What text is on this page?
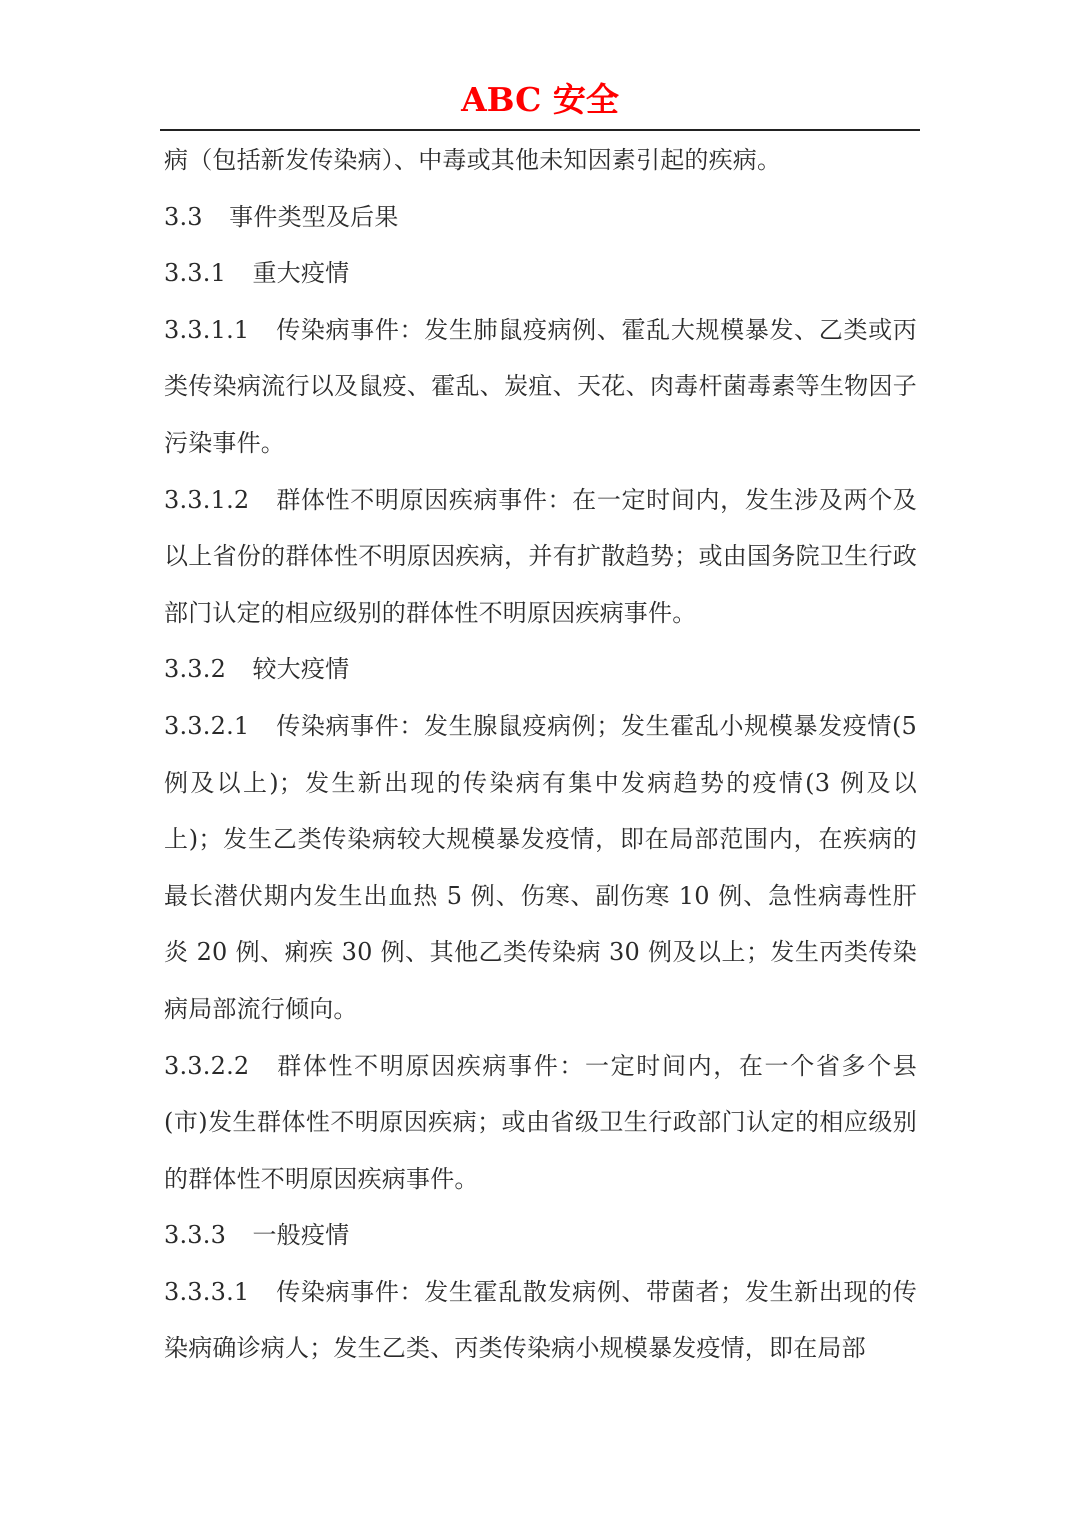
ABC 安全

病（包括新发传染病）、中毒或其他未知因素引起的疾病。

3.3 事件类型及后果

3.3.1 重大疫情

3.3.1.1 传染病事件：发生肺鼠疫病例、霍乱大规模暴发、乙类或丙类传染病流行以及鼠疫、霍乱、炭疽、天花、肉毒杆菌毒素等生物因子污染事件。

3.3.1.2 群体性不明原因疾病事件：在一定时间内，发生涉及两个及以上省份的群体性不明原因疾病，并有扩散趋势；或由国务院卫生行政部门认定的相应级别的群体性不明原因疾病事件。

3.3.2 较大疫情

3.3.2.1 传染病事件：发生腺鼠疫病例；发生霍乱小规模暴发疫情(5 例及以上)；发生新出现的传染病有集中发病趋势的疫情(3 例及以上)；发生乙类传染病较大规模暴发疫情，即在局部范围内，在疾病的最长潜伏期内发生出血热 5 例、伤寒、副伤寒 10 例、急性病毒性肝炎 20 例、痢疾 30 例、其他乙类传染病 30 例及以上；发生丙类传染病局部流行倾向。

3.3.2.2 群体性不明原因疾病事件：一定时间内，在一个省多个县(市)发生群体性不明原因疾病；或由省级卫生行政部门认定的相应级别的群体性不明原因疾病事件。

3.3.3 一般疫情

3.3.3.1 传染病事件：发生霍乱散发病例、带菌者；发生新出现的传染病确诊病人；发生乙类、丙类传染病小规模暴发疫情，即在局部
